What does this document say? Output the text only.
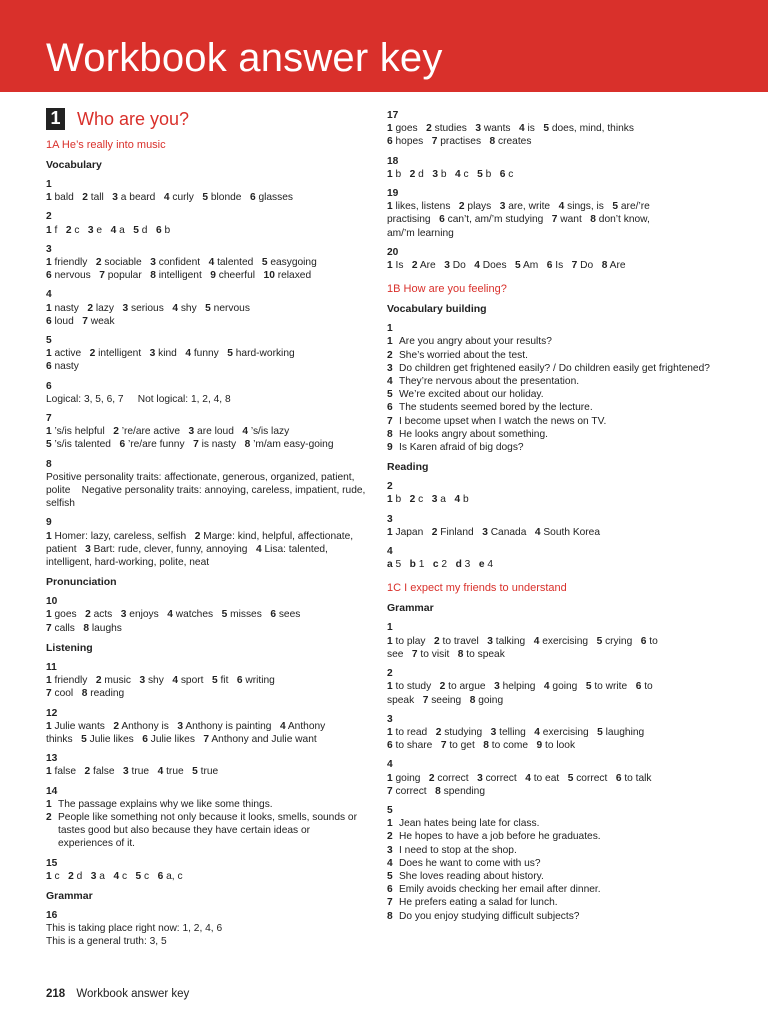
Workbook answer key
1 Who are you?
1A He’s really into music
Vocabulary
1
1 bald   2 tall   3 a beard   4 curly   5 blonde   6 glasses
2
1 f   2 c   3 e   4 a   5 d   6 b
3
1 friendly   2 sociable   3 confident   4 talented   5 easygoing
6 nervous   7 popular   8 intelligent   9 cheerful   10 relaxed
4
1 nasty   2 lazy   3 serious   4 shy   5 nervous
6 loud   7 weak
5
1 active   2 intelligent   3 kind   4 funny   5 hard-working
6 nasty
6
Logical: 3, 5, 6, 7     Not logical: 1, 2, 4, 8
7
1 ’s/is helpful   2 ’re/are active   3 are loud   4 ’s/is lazy
5 ’s/is talented   6 ’re/are funny   7 is nasty   8 ’m/am easy-going
8
Positive personality traits: affectionate, generous, organized, patient,
polite    Negative personality traits: annoying, careless, impatient, rude,
selfish
9
1 Homer: lazy, careless, selfish   2 Marge: kind, helpful, affectionate,
patient   3 Bart: rude, clever, funny, annoying   4 Lisa: talented,
intelligent, hard-working, polite, neat
Pronunciation
10
1 goes   2 acts   3 enjoys   4 watches   5 misses   6 sees
7 calls   8 laughs
Listening
11
1 friendly   2 music   3 shy   4 sport   5 fit   6 writing
7 cool   8 reading
12
1 Julie wants   2 Anthony is   3 Anthony is painting   4 Anthony
thinks   5 Julie likes   6 Julie likes   7 Anthony and Julie want
13
1 false   2 false   3 true   4 true   5 true
14
1 The passage explains why we like some things.
2 People like something not only because it looks, smells, sounds or tastes good but also because they have certain ideas or experiences of it.
15
1 c   2 d   3 a   4 c   5 c   6 a, c
Grammar
16
This is taking place right now: 1, 2, 4, 6
This is a general truth: 3, 5
17
1 goes   2 studies   3 wants   4 is   5 does, mind, thinks
6 hopes   7 practises   8 creates
18
1 b   2 d   3 b   4 c   5 b   6 c
19
1 likes, listens   2 plays   3 are, write   4 sings, is   5 are/’re
practising   6 can’t, am/’m studying   7 want   8 don’t know,
am/’m learning
20
1 Is   2 Are   3 Do   4 Does   5 Am   6 Is   7 Do   8 Are
1B How are you feeling?
Vocabulary building
1
1 Are you angry about your results?
2 She’s worried about the test.
3 Do children get frightened easily? / Do children easily get frightened?
4 They’re nervous about the presentation.
5 We’re excited about our holiday.
6 The students seemed bored by the lecture.
7 I become upset when I watch the news on TV.
8 He looks angry about something.
9 Is Karen afraid of big dogs?
Reading
2
1 b   2 c   3 a   4 b
3
1 Japan   2 Finland   3 Canada   4 South Korea
4
a 5   b 1   c 2   d 3   e 4
1C I expect my friends to understand
Grammar
1
1 to play   2 to travel   3 talking   4 exercising   5 crying   6 to
see   7 to visit   8 to speak
2
1 to study   2 to argue   3 helping   4 going   5 to write   6 to
speak   7 seeing   8 going
3
1 to read   2 studying   3 telling   4 exercising   5 laughing
6 to share   7 to get   8 to come   9 to look
4
1 going   2 correct   3 correct   4 to eat   5 correct   6 to talk
7 correct   8 spending
5
1 Jean hates being late for class.
2 He hopes to have a job before he graduates.
3 I need to stop at the shop.
4 Does he want to come with us?
5 She loves reading about history.
6 Emily avoids checking her email after dinner.
7 He prefers eating a salad for lunch.
8 Do you enjoy studying difficult subjects?
218 Workbook answer key
